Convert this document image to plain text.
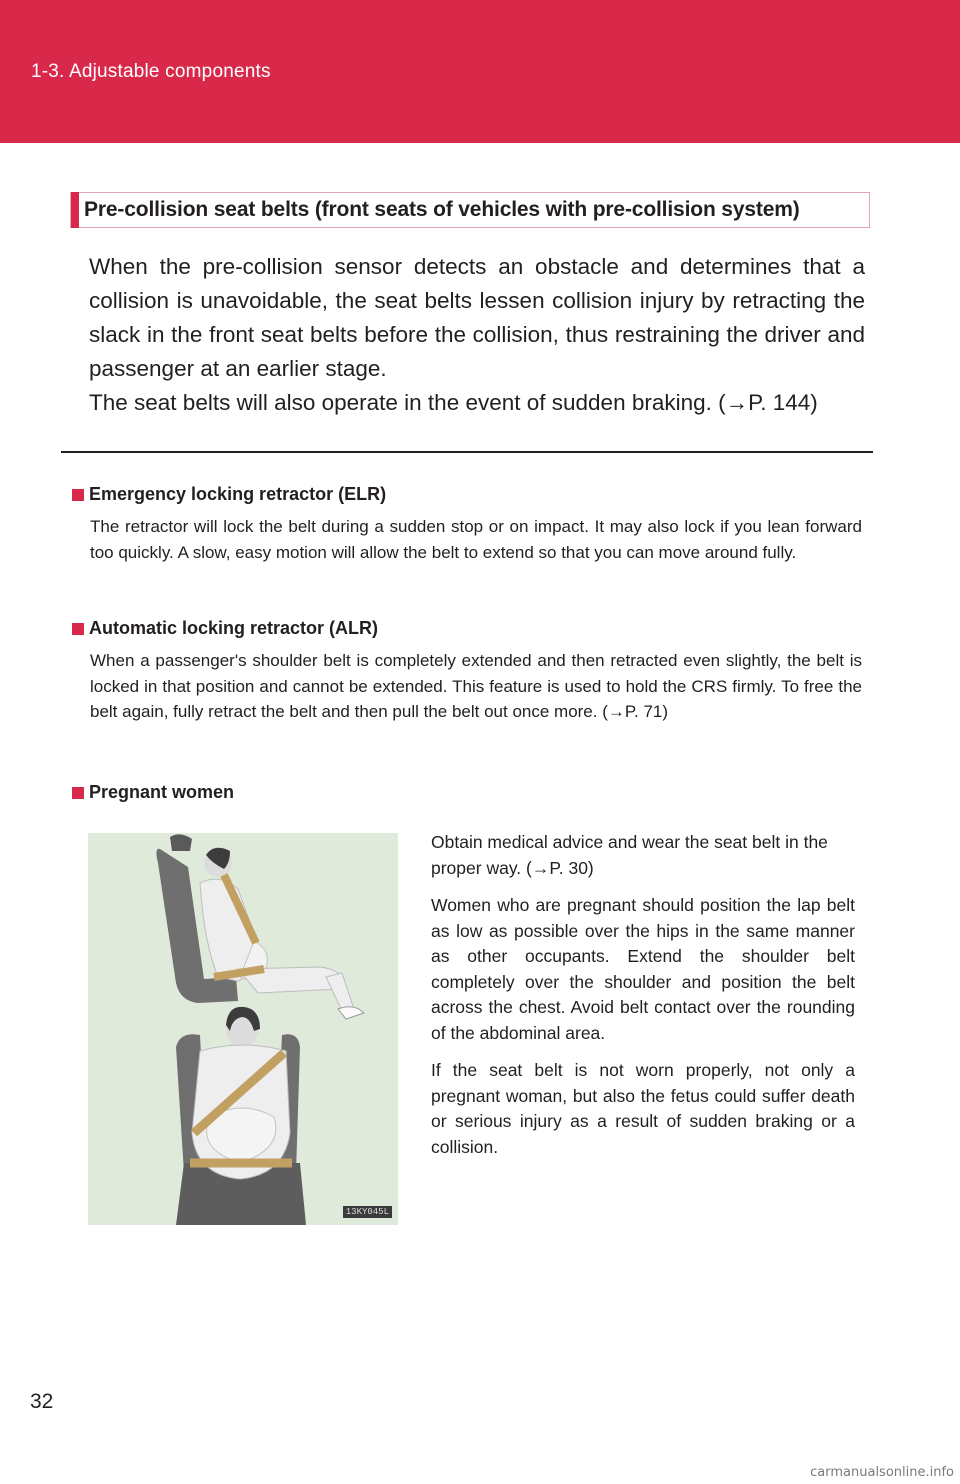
1-3. Adjustable components
Pre-collision seat belts (front seats of vehicles with pre-collision system)

When the pre-collision sensor detects an obstacle and determines that a collision is unavoidable, the seat belts lessen collision injury by retracting the slack in the front seat belts before the collision, thus restraining the driver and passenger at an earlier stage.

The seat belts will also operate in the event of sudden braking. (→P. 144)

Emergency locking retractor (ELR)
The retractor will lock the belt during a sudden stop or on impact. It may also lock if you lean forward too quickly. A slow, easy motion will allow the belt to extend so that you can move around fully.
Automatic locking retractor (ALR)
When a passenger's shoulder belt is completely extended and then retracted even slightly, the belt is locked in that position and cannot be extended. This feature is used to hold the CRS firmly. To free the belt again, fully retract the belt and then pull the belt out once more. (→P. 71)
Pregnant women
13KY045L

Obtain medical advice and wear the seat belt in the proper way. (→P. 30)

Women who are pregnant should position the lap belt as low as possible over the hips in the same manner as other occupants. Extend the shoulder belt completely over the shoulder and position the belt across the chest. Avoid belt contact over the rounding of the abdominal area.

If the seat belt is not worn properly, not only a pregnant woman, but also the fetus could suffer death or serious injury as a result of sudden braking or a collision.

32
carmanualsonline.info
